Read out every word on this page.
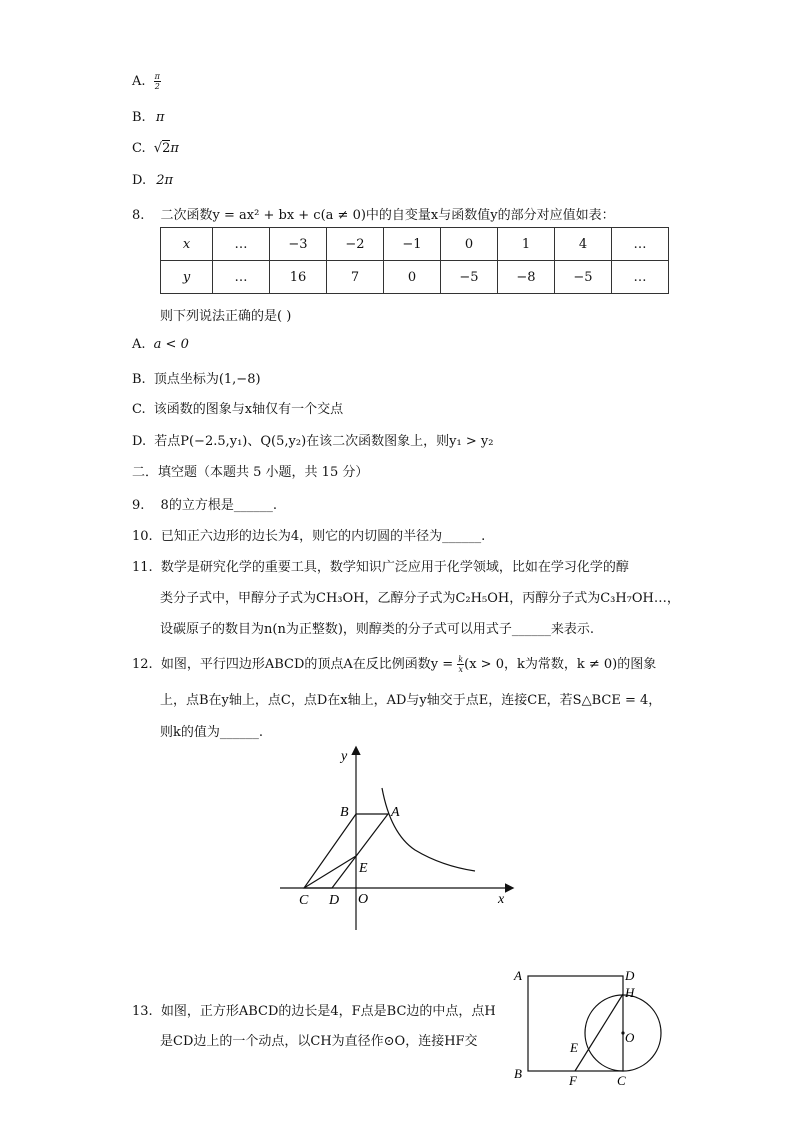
A. $\frac{\pi}{2}$
B. π
C. √2π
D. 2π
8. 二次函数y = ax² + bx + c(a ≠ 0)中的自变量x与函数值y的部分对应值如表：
x	…	−3	−2	−1	0	1	4	…
y	…	16	7	0	−5	−8	−5	…
则下列说法正确的是( )
A. a < 0
B. 顶点坐标为(1,−8)
C. 该函数的图象与x轴仅有一个交点
D. 若点P(−2.5,y₁)、Q(5,y₂)在该二次函数图象上，则y₁ > y₂
二．填空题（本题共 5 小题，共 15 分）
9. 8的立方根是______.
10. 已知正六边形的边长为4，则它的内切圆的半径为______.
11. 数学是研究化学的重要工具，数学知识广泛应用于化学领域，比如在学习化学的醇
类分子式中，甲醇分子式为CH₃OH，乙醇分子式为C₂H₅OH，丙醇分子式为C₃H₇OH…，
设碳原子的数目为n(n为正整数)，则醇类的分子式可以用式子______来表示.
12. 如图，平行四边形ABCD的顶点A在反比例函数$y = \frac{k}{x} (x > 0$，k为常数，k ≠ 0)的图象
上，点B在y轴上，点C，点D在x轴上，AD与y轴交于点E，连接CE，若S△BCE = 4，
则k的值为______.
y
x
A
B
C D
E
O
13. 如图，正方形ABCD的边长是4，F点是BC边的中点，点H
是CD边上的一个动点，以CH为直径作⊙O，连接HF交
A	D
H
O
E
B	F	C
